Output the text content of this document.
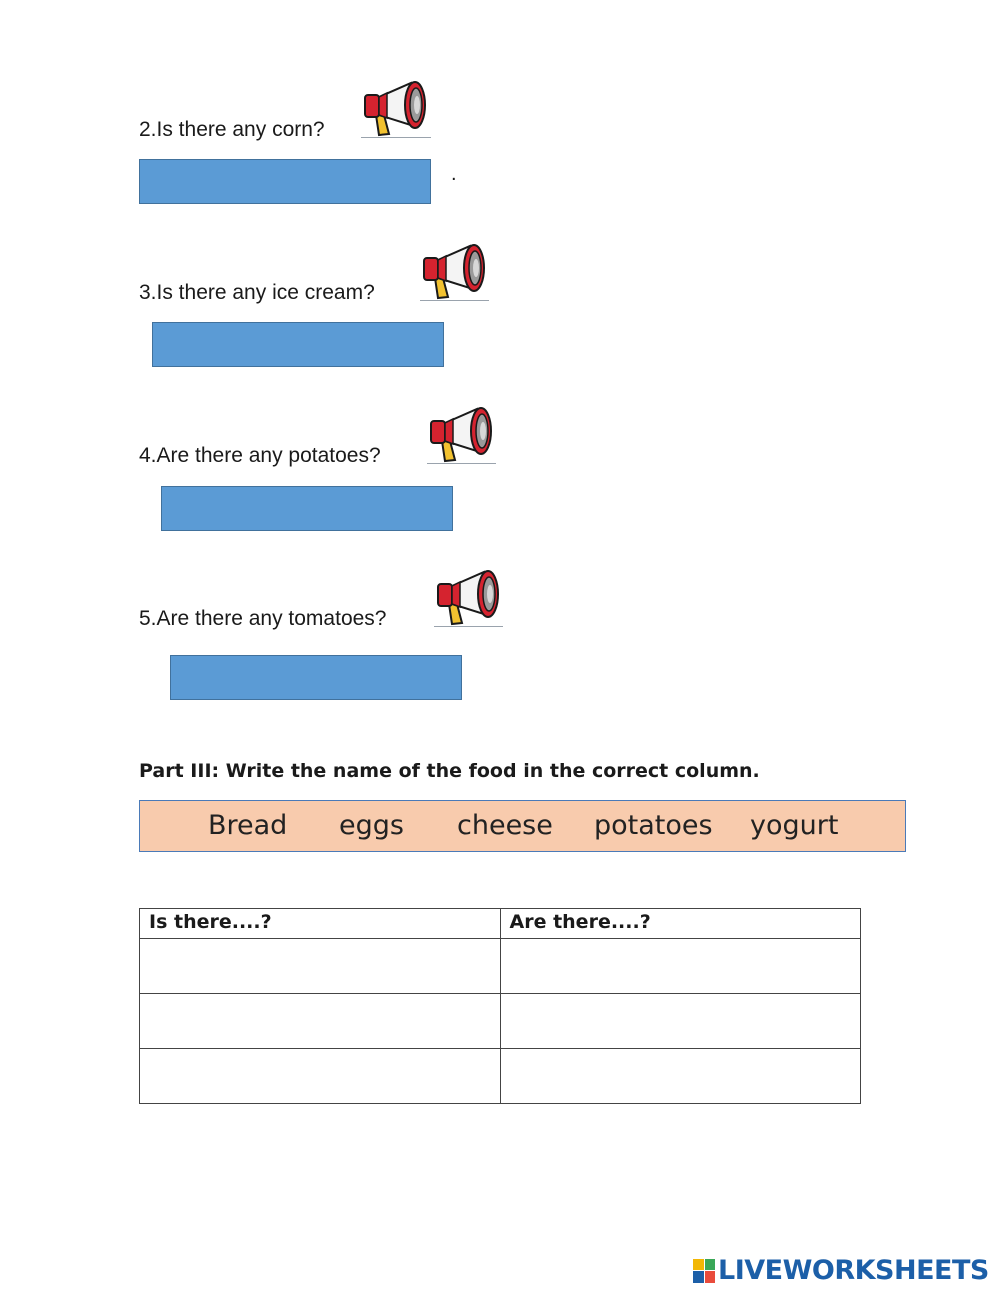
2.Is there any corn?
.
3.Is there any ice cream?
4.Are there any potatoes?
5.Are there any tomatoes?
Part III: Write the name of the food in the correct column.
Bread eggs cheese potatoes yogurt
Is there....?	Are there....?

LIVEWORKSHEETS
